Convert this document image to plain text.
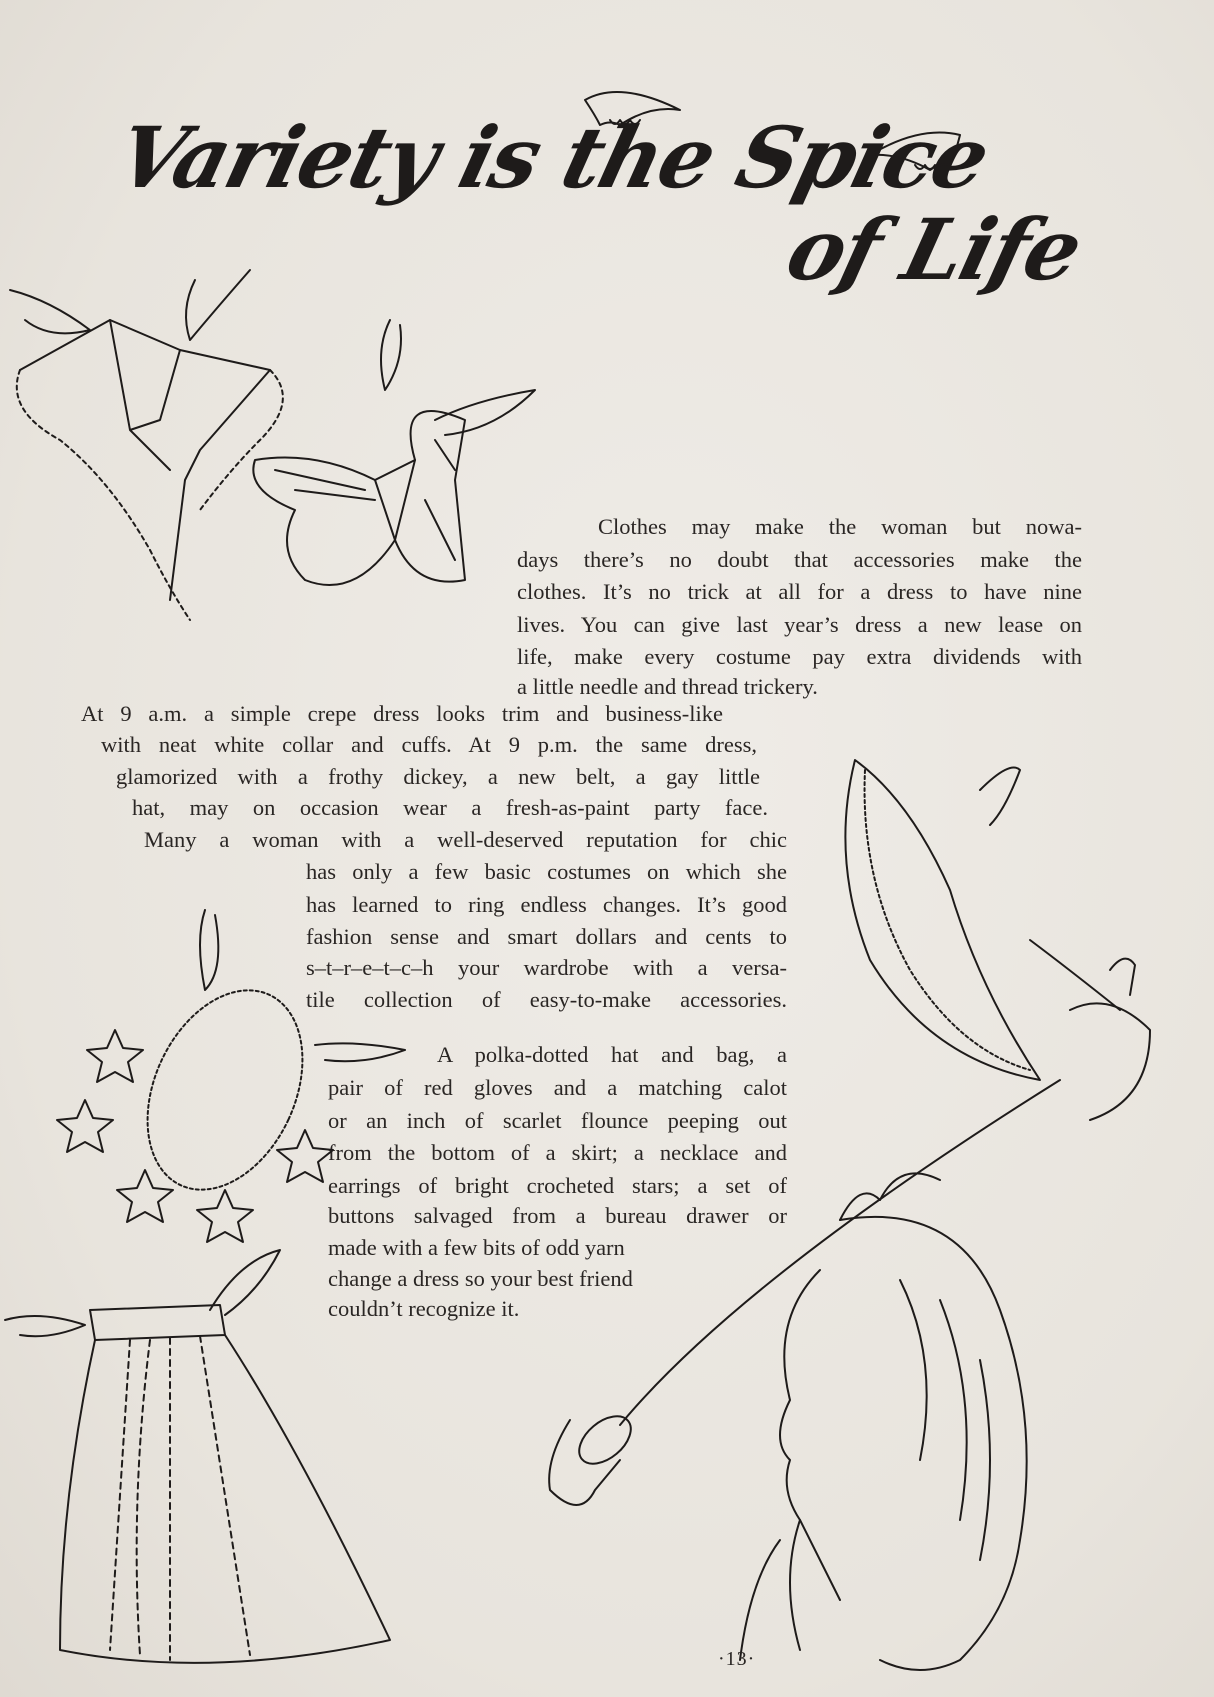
Variety is the Spice
of Life
Clothes may make the woman but nowa-
days there’s no doubt that accessories make the
clothes. It’s no trick at all for a dress to have nine
lives. You can give last year’s dress a new lease on
life, make every costume pay extra dividends with
a little needle and thread trickery.
At 9 a.m. a simple crepe dress looks trim and business-like
with neat white collar and cuffs. At 9 p.m. the same dress,
glamorized with a frothy dickey, a new belt, a gay little
hat, may on occasion wear a fresh-as-paint party face.
Many a woman with a well-deserved reputation for chic
has only a few basic costumes on which she
has learned to ring endless changes. It’s good
fashion sense and smart dollars and cents to
s–t–r–e–t–c–h your wardrobe with a versa-
tile collection of easy-to-make accessories.
A polka-dotted hat and bag, a
pair of red gloves and a matching calot
or an inch of scarlet flounce peeping out
from the bottom of a skirt; a necklace and
earrings of bright crocheted stars; a set of
buttons salvaged from a bureau drawer or
made with a few bits of odd yarn
change a dress so your best friend
couldn’t recognize it.
·13·
